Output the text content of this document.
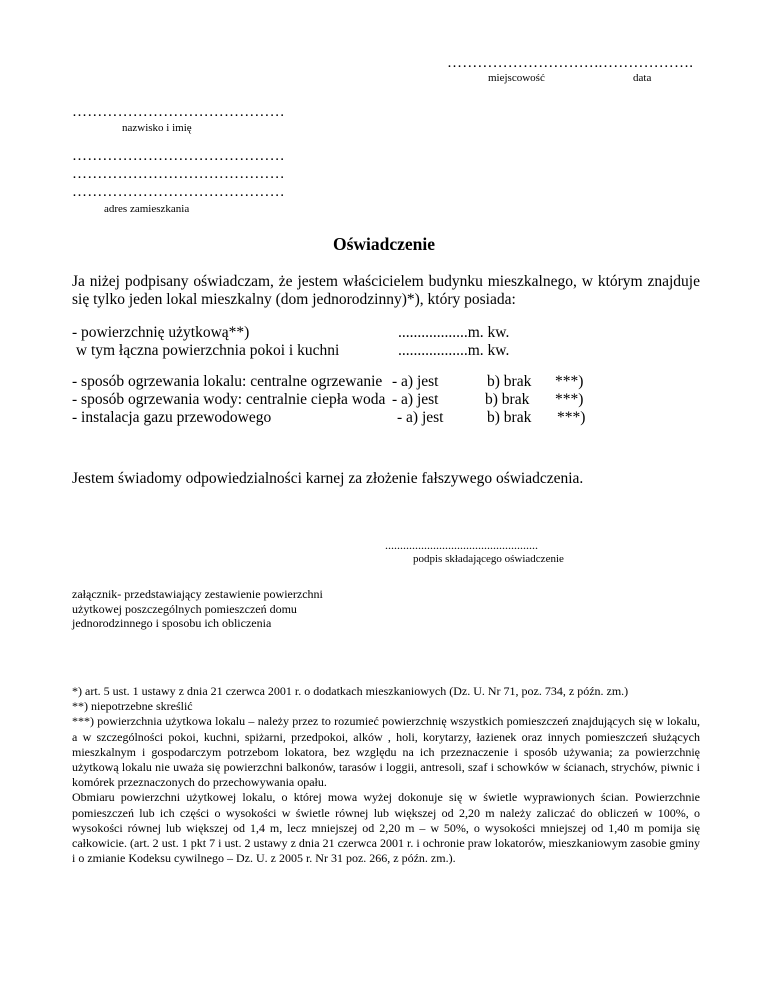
…………………………
miejscowość
……………….
data
……………………………………
nazwisko i imię
……………………………………
……………………………………
……………………………………
adres zamieszkania
Oświadczenie
Ja niżej podpisany oświadczam, że jestem właścicielem budynku mieszkalnego, w którym znajduje się tylko jeden lokal mieszkalny (dom jednorodzinny)*), który posiada:
- powierzchnię użytkową**)	..................m. kw.
w tym łączna powierzchnia pokoi i kuchni	..................m. kw.
- sposób ogrzewania lokalu: centralne ogrzewanie - a) jest	b) brak ***)
- sposób ogrzewania wody: centralnie ciepła woda - a) jest	b) brak ***)
- instalacja gazu przewodowego	- a) jest	b) brak ***)
Jestem świadomy odpowiedzialności karnej za złożenie fałszywego oświadczenia.
...................................................
podpis składającego oświadczenie
załącznik- przedstawiający zestawienie powierzchni użytkowej poszczególnych pomieszczeń domu jednorodzinnego i sposobu ich obliczenia

*) art. 5 ust. 1 ustawy z dnia 21 czerwca 2001 r. o dodatkach mieszkaniowych (Dz. U. Nr 71, poz. 734, z późn. zm.)

**) niepotrzebne skreślić

***) powierzchnia użytkowa lokalu – należy przez to rozumieć powierzchnię wszystkich pomieszczeń znajdujących się w lokalu, a w szczególności pokoi, kuchni, spiżarni, przedpokoi, alków , holi, korytarzy, łazienek oraz innych pomieszczeń służących mieszkalnym i gospodarczym potrzebom lokatora, bez względu na ich przeznaczenie i sposób używania; za powierzchnię użytkową lokalu nie uważa się powierzchni balkonów, tarasów i loggii, antresoli, szaf i schowków w ścianach, strychów, piwnic i komórek przeznaczonych do przechowywania opału.

Obmiaru powierzchni użytkowej lokalu, o której mowa wyżej dokonuje się w świetle wyprawionych ścian. Powierzchnie pomieszczeń lub ich części o wysokości w świetle równej lub większej od 2,20 m należy zaliczać do obliczeń w 100%, o wysokości równej lub większej od 1,4 m, lecz mniejszej od 2,20 m – w 50%, o wysokości mniejszej od 1,40 m pomija się całkowicie. (art. 2 ust. 1 pkt 7 i ust. 2 ustawy z dnia 21 czerwca 2001 r. i ochronie praw lokatorów, mieszkaniowym zasobie gminy i o zmianie Kodeksu cywilnego – Dz. U. z 2005 r. Nr 31 poz. 266, z późn. zm.).
